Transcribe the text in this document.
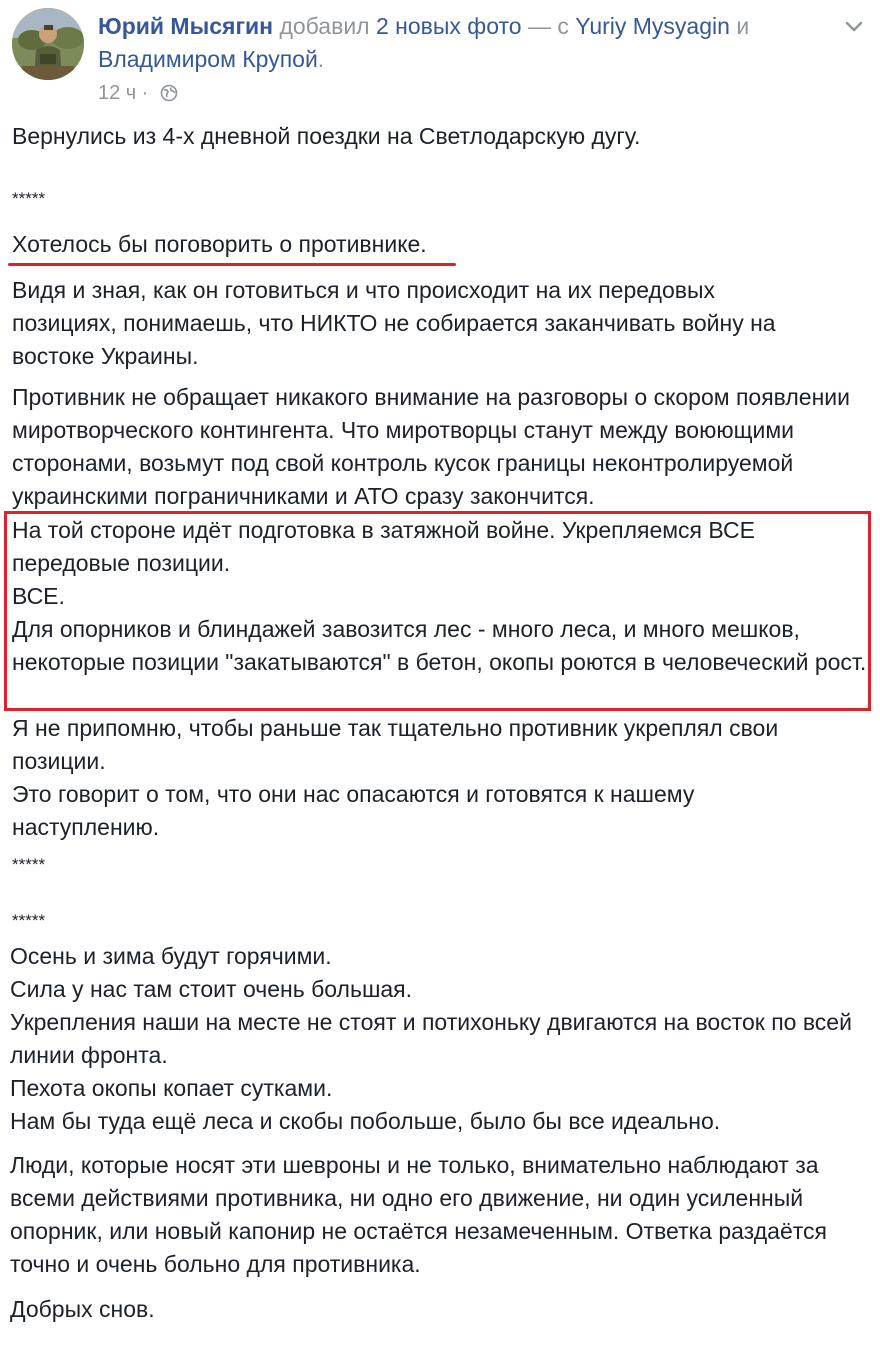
Юрий Мысягин добавил 2 новых фото — с Yuriy Mysyagin и Владимиром Крупой.
12 ч ·

Вернулись из 4-х дневной поездки на Светлодарскую дугу.

*****

Хотелось бы поговорить о противнике.

Видя и зная, как он готовиться и что происходит на их передовых позициях, понимаешь, что НИКТО не собирается заканчивать войну на востоке Украины.

Противник не обращает никакого внимание на разговоры о скором появлении миротворческого контингента. Что миротворцы станут между воюющими сторонами, возьмут под свой контроль кусок границы неконтролируемой украинскими пограничниками и АТО сразу закончится.

На той стороне идёт подготовка в затяжной войне. Укрепляемся ВСЕ передовые позиции.

ВСЕ.

Для опорников и блиндажей завозится лес - много леса, и много мешков, некоторые позиции "закатываются" в бетон, окопы роются в человеческий рост.

Я не припомню, чтобы раньше так тщательно противник укреплял свои позиции.

Это говорит о том, что они нас опасаются и готовятся к нашему наступлению.

*****

*****

Осень и зима будут горячими.

Сила у нас там стоит очень большая.

Укрепления наши на месте не стоят и потихоньку двигаются на восток по всей линии фронта.

Пехота окопы копает сутками.

Нам бы туда ещё леса и скобы побольше, было бы все идеально.

Люди, которые носят эти шевроны и не только, внимательно наблюдают за всеми действиями противника, ни одно его движение, ни один усиленный опорник, или новый капонир не остаётся незамеченным. Ответка раздаётся точно и очень больно для противника.

Добрых снов.
